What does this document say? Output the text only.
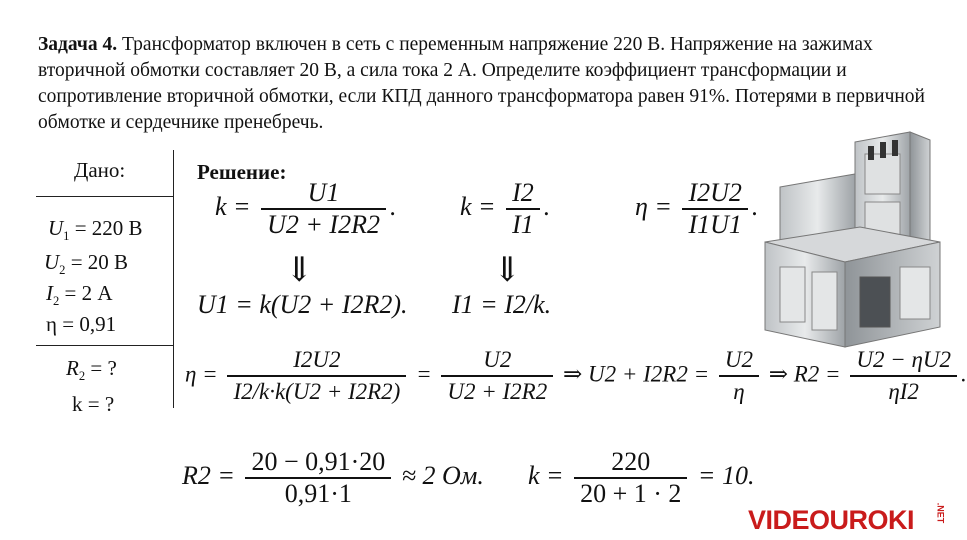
Задача 4. Трансформатор включен в сеть с переменным напряжение 220 В. Напряжение на зажимах вторичной обмотки составляет 20 В, а сила тока 2 А. Определите коэффициент трансформации и сопротивление вторичной обмотки, если КПД данного трансформатора равен 91%. Потерями в первичной обмотке и сердечнике пренебречь.
Дано:
$U_1 = 220$ В
$U_2 = 20$ В
$I_2 = 2$ А
η = 0,91
$R_2$ = ?
k = ?
Решение:
$k = \frac{U1}{U2 + I2R2}$ . $k = \frac{I2}{I1}$ .	$\eta = \frac{I2U2}{I1U1}$ .
⇓	⇓
U1 = k(U2 + I2R2). I1 = I2/k.
$\eta = \frac{I2U2}{I2/k\cdot k(U2 + I2R2)} = \frac{U2}{U2 + I2R2}$ ⇒ $U2 + I2R2 = \frac{U2}{\eta}$ ⇒ $R2 = \frac{U2 - \eta U2}{\eta I2}$ .
$R2 = \frac{20 - 0,91\cdot 20}{0,91\cdot 1} \approx 2$ Ом. $k = \frac{220}{20 + 1 \cdot 2} = 10$.
VIDEOUROKI .NET
